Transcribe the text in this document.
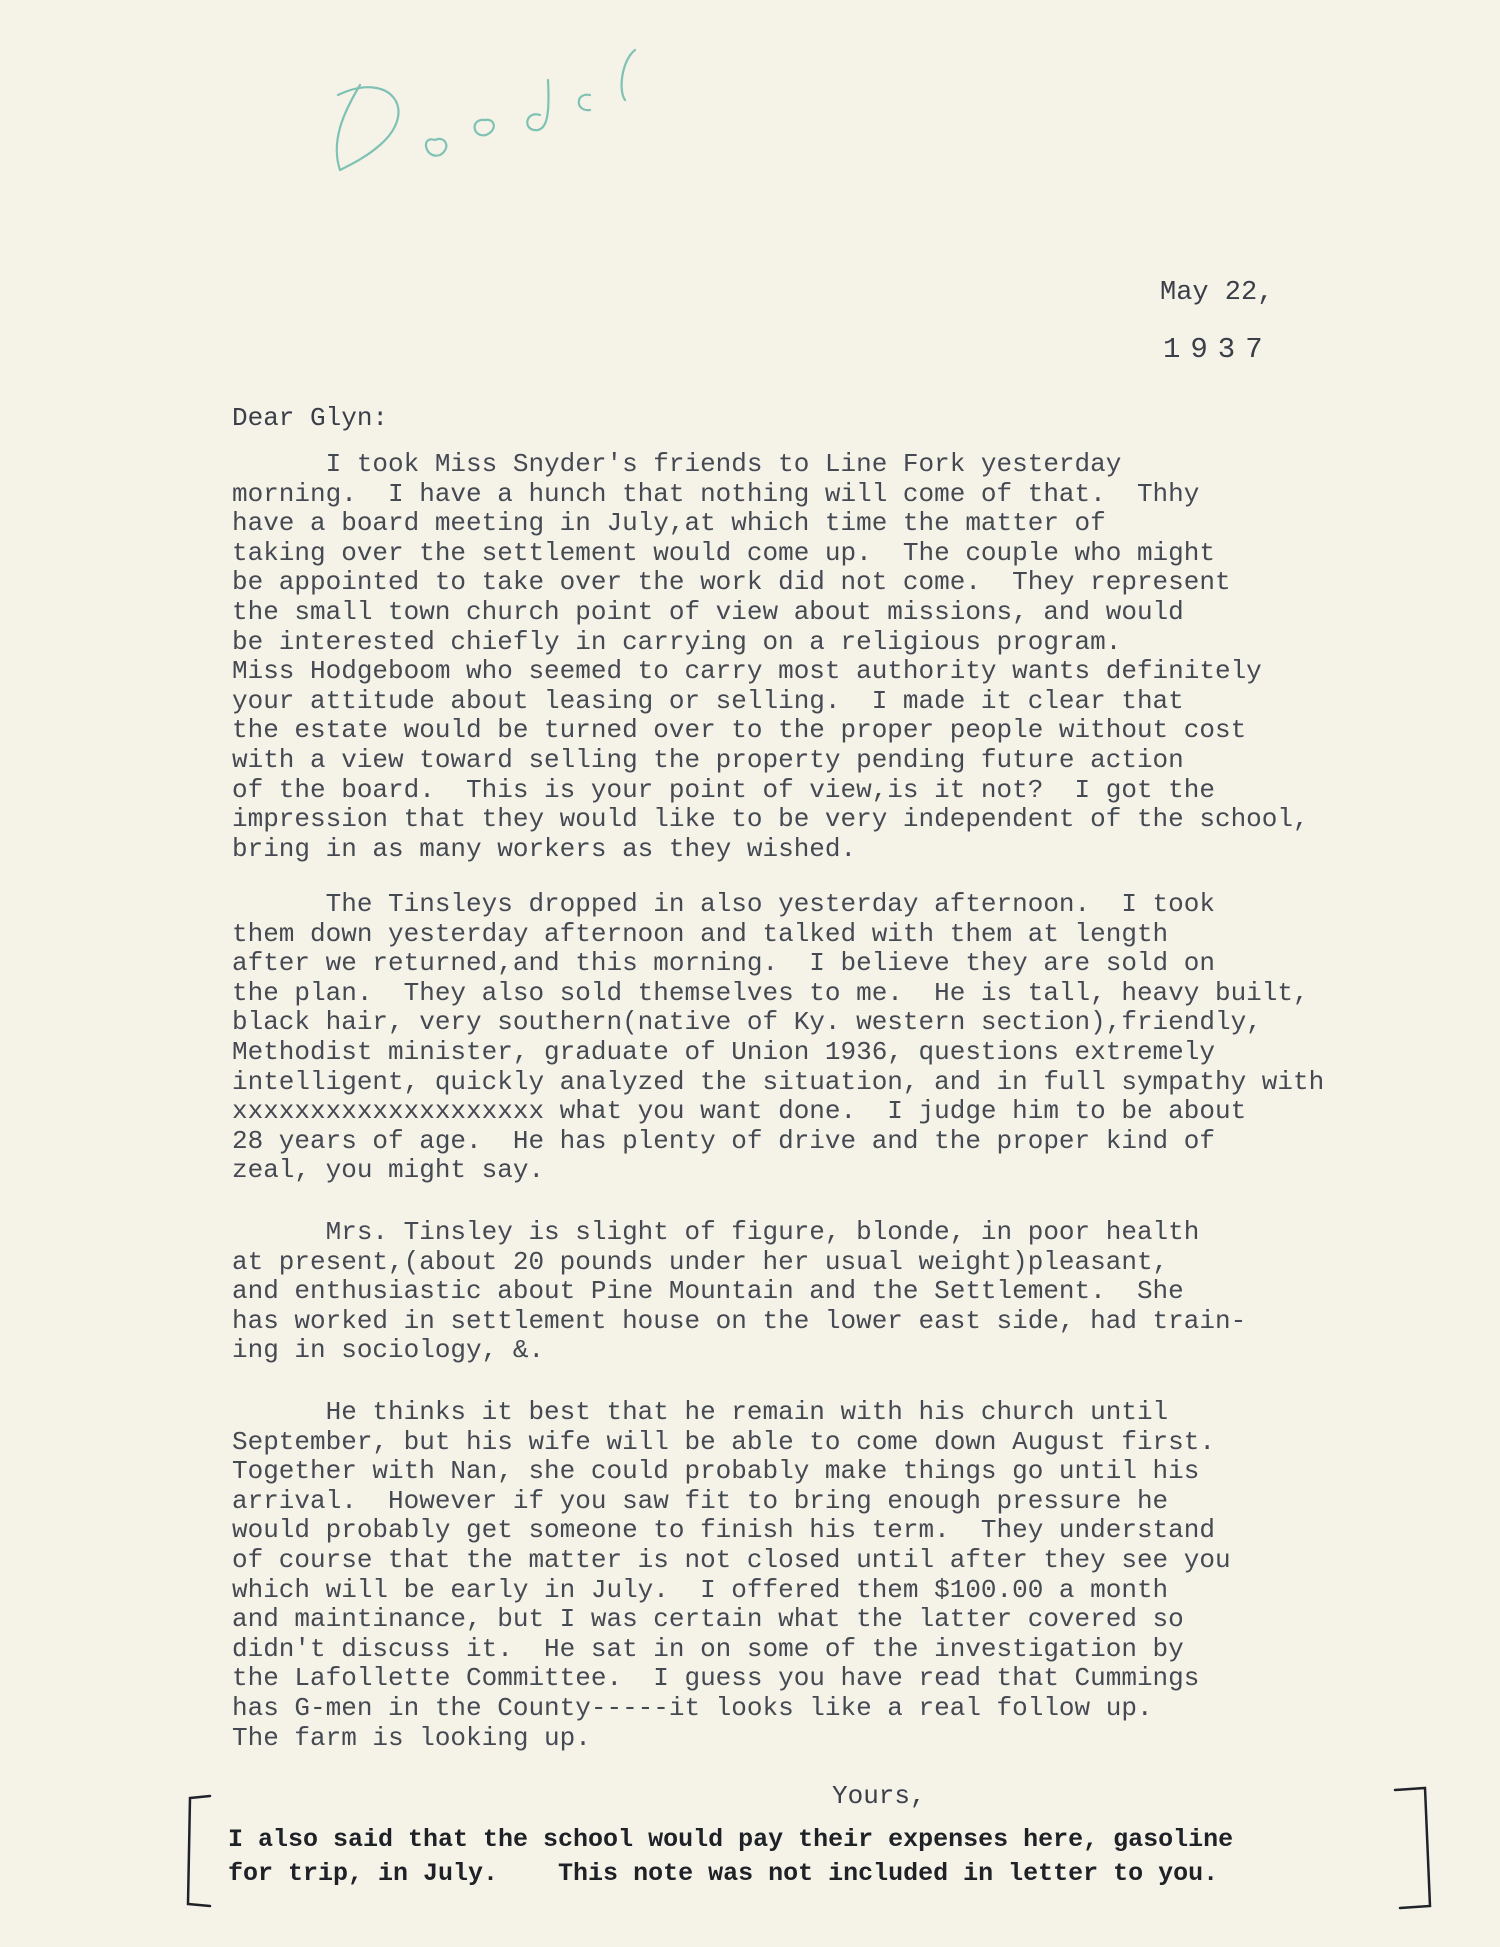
May 22,
1937
Dear Glyn:
I took Miss Snyder's friends to Line Fork yesterday
morning.  I have a hunch that nothing will come of that.  Thhy
have a board meeting in July,at which time the matter of
taking over the settlement would come up.  The couple who might
be appointed to take over the work did not come.  They represent
the small town church point of view about missions, and would
be interested chiefly in carrying on a religious program.
Miss Hodgeboom who seemed to carry most authority wants definitely
your attitude about leasing or selling.  I made it clear that
the estate would be turned over to the proper people without cost
with a view toward selling the property pending future action
of the board.  This is your point of view,is it not?  I got the
impression that they would like to be very independent of the school,
bring in as many workers as they wished.
The Tinsleys dropped in also yesterday afternoon.  I took
them down yesterday afternoon and talked with them at length
after we returned,and this morning.  I believe they are sold on
the plan.  They also sold themselves to me.  He is tall, heavy built,
black hair, very southern(native of Ky. western section),friendly,
Methodist minister, graduate of Union 1936, questions extremely
intelligent, quickly analyzed the situation, and in full sympathy with
xxxxxxxxxxxxxxxxxxxx what you want done.  I judge him to be about
28 years of age.  He has plenty of drive and the proper kind of
zeal, you might say.
Mrs. Tinsley is slight of figure, blonde, in poor health
at present,(about 20 pounds under her usual weight)pleasant,
and enthusiastic about Pine Mountain and the Settlement.  She
has worked in settlement house on the lower east side, had train-
ing in sociology, &.
He thinks it best that he remain with his church until
September, but his wife will be able to come down August first.
Together with Nan, she could probably make things go until his
arrival.  However if you saw fit to bring enough pressure he
would probably get someone to finish his term.  They understand
of course that the matter is not closed until after they see you
which will be early in July.  I offered them $100.00 a month
and maintinance, but I was certain what the latter covered so
didn't discuss it.  He sat in on some of the investigation by
the Lafollette Committee.  I guess you have read that Cummings
has G-men in the County-----it looks like a real follow up.
The farm is looking up.
Yours,
I also said that the school would pay their expenses here, gasoline
for trip, in July.    This note was not included in letter to you.
